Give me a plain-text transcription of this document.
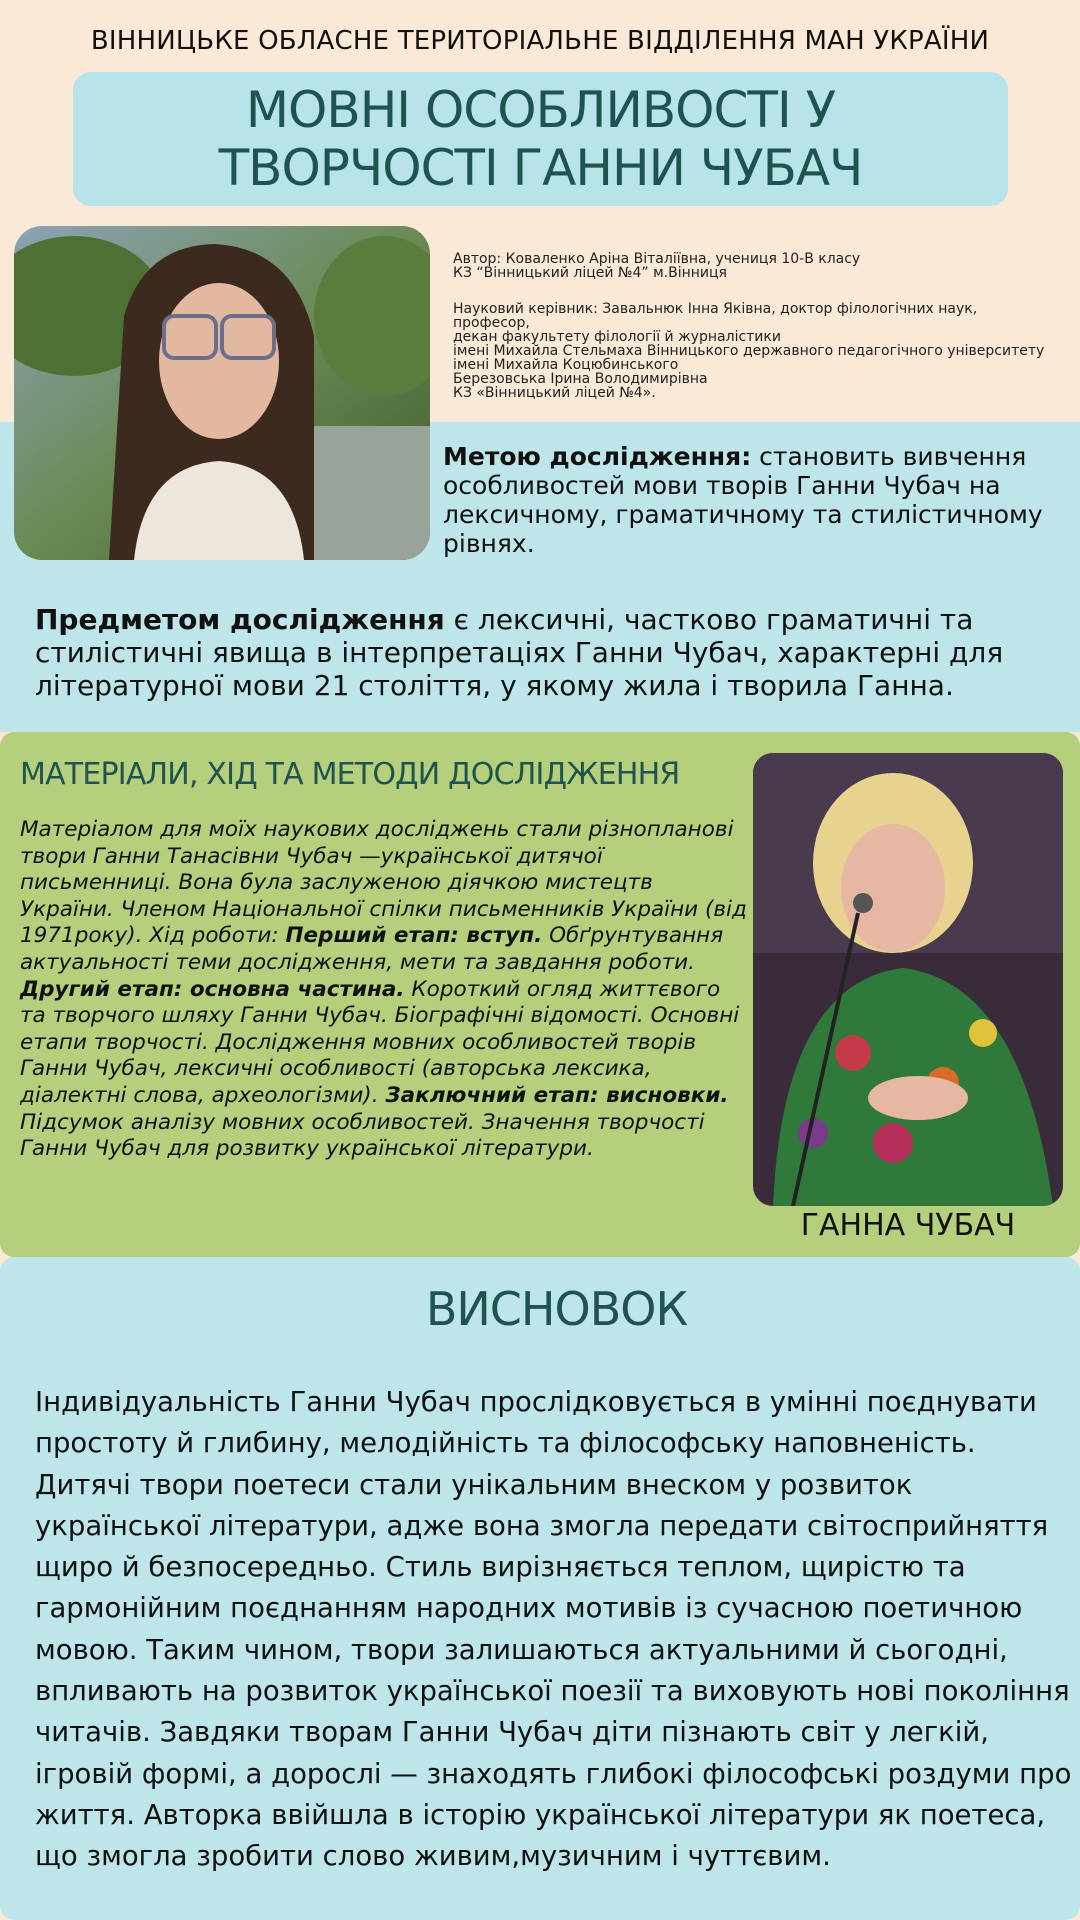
ВІННИЦЬКЕ ОБЛАСНЕ ТЕРИТОРІАЛЬНЕ ВІДДІЛЕННЯ МАН УКРАЇНИ
МОВНІ ОСОБЛИВОСТІ У ТВОРЧОСТІ ГАННИ ЧУБАЧ

Автор: Коваленко Аріна Віталіївна, учениця 10-В класу

КЗ “Вінницький ліцей №4” м.Вінниця

Науковий керівник: Завальнюк Інна Яківна, доктор філологічних наук, професор,

декан факультету філології й журналістики

імені Михайла Стельмаха Вінницького державного педагогічного університету

імені Михайла Коцюбинського

Березовська Ірина Володимирівна

КЗ «Вінницький ліцей №4».

Метою дослідження: становить вивчення особливостей мови творів Ганни Чубач на лексичному, граматичному та стилістичному рівнях.
Предметом дослідження є лексичні, частково граматичні та стилістичні явища в інтерпретаціях Ганни Чубач, характерні для літературної мови 21 століття, у якому жила і творила Ганна.
МАТЕРІАЛИ, ХІД ТА МЕТОДИ ДОСЛІДЖЕННЯ
Матеріалом для моїх наукових досліджень стали різнопланові твори Ганни Танасівни Чубач —української дитячої письменниці. Вона була заслуженою діячкою мистецтв України. Членом Національної спілки письменників України (від 1971року). Хід роботи: Перший етап: вступ. Обґрунтування актуальності теми дослідження, мети та завдання роботи. Другий етап: основна частина. Короткий огляд життєвого та творчого шляху Ганни Чубач. Біографічні відомості. Основні етапи творчості. Дослідження мовних особливостей творів Ганни Чубач, лексичні особливості (авторська лексика, діалектні слова, археологізми). Заключний етап: висновки. Підсумок аналізу мовних особливостей. Значення творчості Ганни Чубач для розвитку української літератури.
ГАННА ЧУБАЧ
ВИСНОВОК
Індивідуальність Ганни Чубач прослідковується в умінні поєднувати простоту й глибину, мелодійність та філософську наповненість. Дитячі твори поетеси стали унікальним внеском у розвиток української літератури, адже вона змогла передати світосприйняття щиро й безпосередньо. Стиль вирізняється теплом, щирістю та гармонійним поєднанням народних мотивів із сучасною поетичною мовою. Таким чином, твори залишаються актуальними й сьогодні, впливають на розвиток української поезії та виховують нові покоління читачів. Завдяки творам Ганни Чубач діти пізнають світ у легкій, ігровій формі, а дорослі — знаходять глибокі філософські роздуми про життя. Авторка ввійшла в історію української літератури як поетеса, що змогла зробити слово живим,музичним і чуттєвим.
